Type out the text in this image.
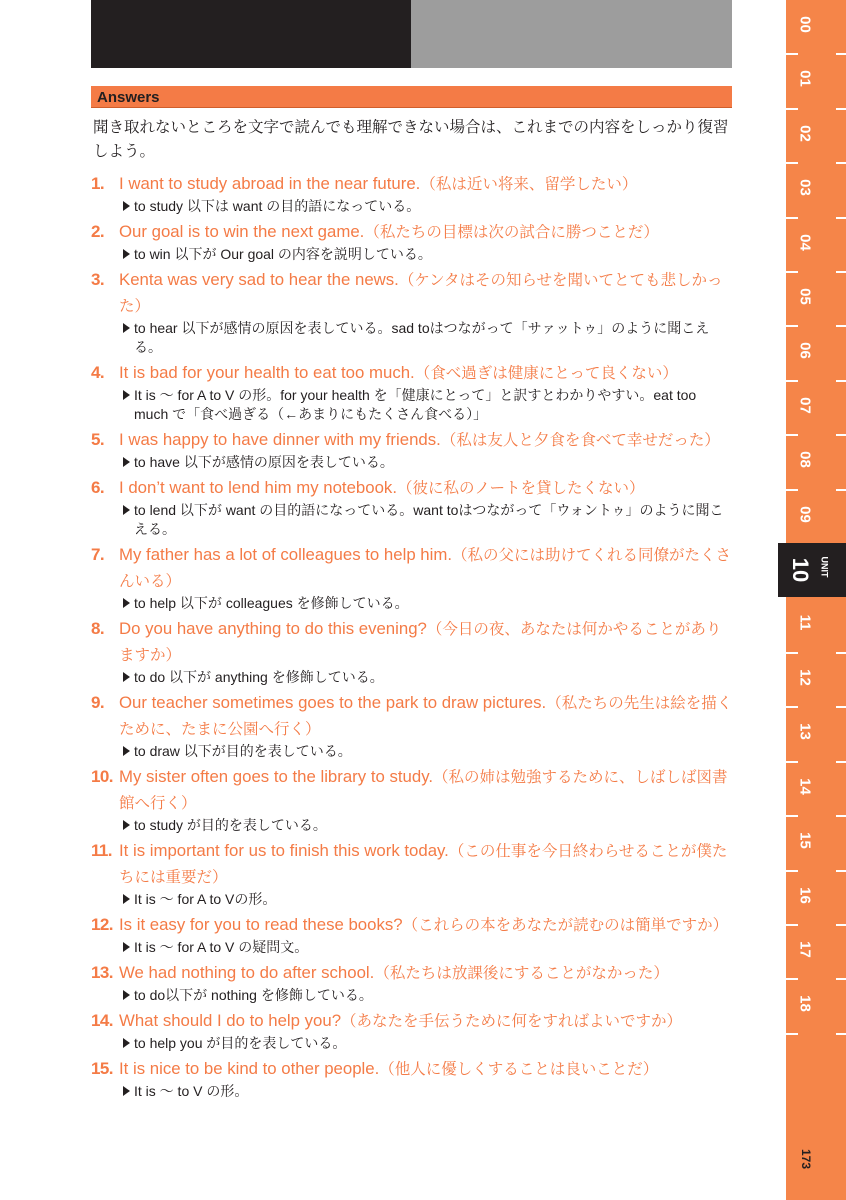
Answers
聞き取れないところを文字で読んでも理解できない場合は、これまでの内容をしっかり復習しよう。
1. I want to study abroad in the near future.（私は近い将来、留学したい）
to study 以下は want の目的語になっている。
2. Our goal is to win the next game.（私たちの目標は次の試合に勝つことだ）
to win 以下が Our goal の内容を説明している。
3. Kenta was very sad to hear the news.（ケンタはその知らせを聞いてとても悲しかった）
to hear 以下が感情の原因を表している。sad toはつながって「サァットゥ」のように聞こえる。
4. It is bad for your health to eat too much.（食べ過ぎは健康にとって良くない）
It is ～ for A to V の形。for your health を「健康にとって」と訳すとわかりやすい。eat too much で「食べ過ぎる（←あまりにもたくさん食べる）」
5. I was happy to have dinner with my friends.（私は友人と夕食を食べて幸せだった）
to have 以下が感情の原因を表している。
6. I don’t want to lend him my notebook.（彼に私のノートを貸したくない）
to lend 以下が want の目的語になっている。want toはつながって「ウォントゥ」のように聞こえる。
7. My father has a lot of colleagues to help him.（私の父には助けてくれる同僚がたくさんいる）
to help 以下が colleagues を修飾している。
8. Do you have anything to do this evening?（今日の夜、あなたは何かやることがありますか）
to do 以下が anything を修飾している。
9. Our teacher sometimes goes to the park to draw pictures.（私たちの先生は絵を描くために、たまに公園へ行く）
to draw 以下が目的を表している。
10. My sister often goes to the library to study.（私の姉は勉強するために、しばしば図書館へ行く）
to study が目的を表している。
11. It is important for us to finish this work today.（この仕事を今日終わらせることが僕たちには重要だ）
It is ～ for A to Vの形。
12. Is it easy for you to read these books?（これらの本をあなたが読むのは簡単ですか）
It is ～ for A to V の疑問文。
13. We had nothing to do after school.（私たちは放課後にすることがなかった）
to do以下が nothing を修飾している。
14. What should I do to help you?（あなたを手伝うために何をすればよいですか）
to help you が目的を表している。
15. It is nice to be kind to other people.（他人に優しくすることは良いことだ）
It is ～ to V の形。
00
01
02
03
04
05
06
07
08
09
11
12
13
14
15
16
17
18
10 UNIT
173
